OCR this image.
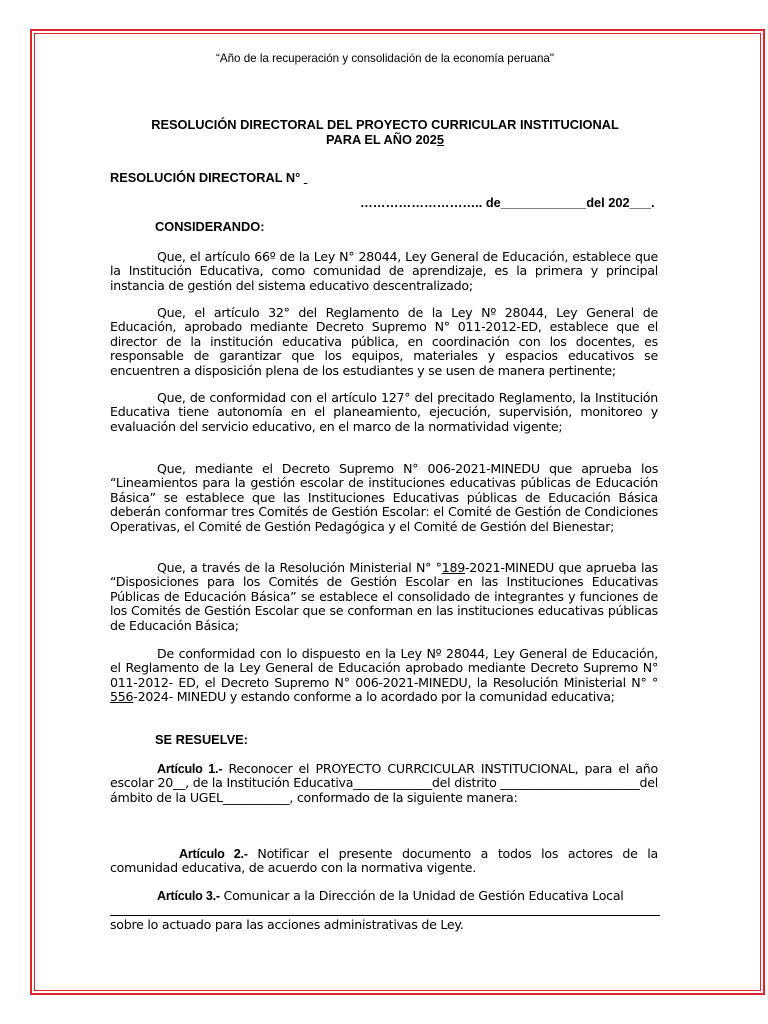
“Año de la recuperación y consolidación de la economía peruana"
RESOLUCIÓN DIRECTORAL DEL PROYECTO CURRICULAR INSTITUCIONAL
PARA EL AÑO 2025
RESOLUCIÓN DIRECTORAL N°
……………………….. de____________del 202___.
CONSIDERANDO:
Que, el artículo 66º de la Ley N° 28044, Ley General de Educación, establece que la Institución Educativa, como comunidad de aprendizaje, es la primera y principal instancia de gestión del sistema educativo descentralizado;
Que, el artículo 32° del Reglamento de la Ley Nº 28044, Ley General de Educación, aprobado mediante Decreto Supremo N° 011-2012-ED, establece que el director de la institución educativa pública, en coordinación con los docentes, es responsable de garantizar que los equipos, materiales y espacios educativos se encuentren a disposición plena de los estudiantes y se usen de manera pertinente;
Que, de conformidad con el artículo 127° del precitado Reglamento, la Institución Educativa tiene autonomía en el planeamiento, ejecución, supervisión, monitoreo y evaluación del servicio educativo, en el marco de la normatividad vigente;
Que, mediante el Decreto Supremo N° 006-2021-MINEDU que aprueba los “Lineamientos para la gestión escolar de instituciones educativas públicas de Educación Básica” se establece que las Instituciones Educativas públicas de Educación Básica deberán conformar tres Comités de Gestión Escolar: el Comité de Gestión de Condiciones Operativas, el Comité de Gestión Pedagógica y el Comité de Gestión del Bienestar;
Que, a través de la Resolución Ministerial N° °189-2021-MINEDU que aprueba las “Disposiciones para los Comités de Gestión Escolar en las Instituciones Educativas Públicas de Educación Básica” se establece el consolidado de integrantes y funciones de los Comités de Gestión Escolar que se conforman en las instituciones educativas públicas de Educación Básica;
De conformidad con lo dispuesto en la Ley Nº 28044, Ley General de Educación, el Reglamento de la Ley General de Educación aprobado mediante Decreto Supremo N° 011-2012- ED, el Decreto Supremo N° 006-2021-MINEDU, la Resolución Ministerial N° ° 556-2024- MINEDU y estando conforme a lo acordado por la comunidad educativa;
SE RESUELVE:
Artículo 1.- Reconocer el PROYECTO CURRCICULAR INSTITUCIONAL, para el año escolar 20__, de la Institución Educativa_____________del distrito _______________________del ámbito de la UGEL___________, conformado de la siguiente manera:
Artículo 2.- Notificar el presente documento a todos los actores de la comunidad educativa, de acuerdo con la normativa vigente.
Artículo 3.- Comunicar a la Dirección de la Unidad de Gestión Educativa Local
sobre lo actuado para las acciones administrativas de Ley.
